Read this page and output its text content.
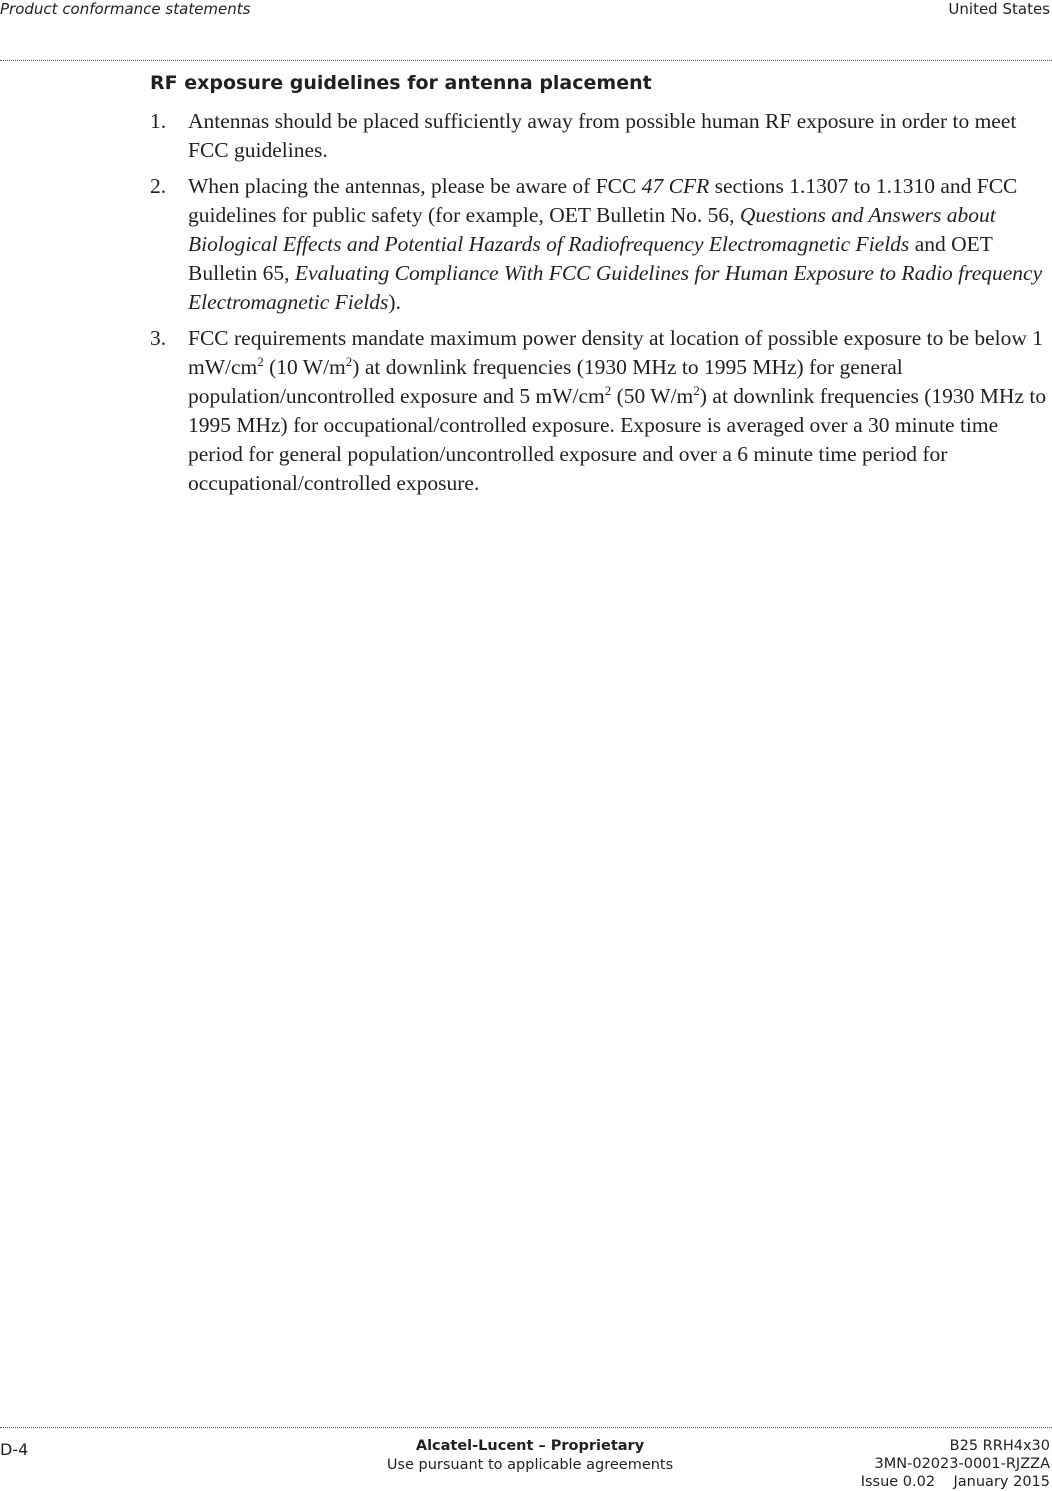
Product conformance statements	United States
RF exposure guidelines for antenna placement
1. Antennas should be placed sufficiently away from possible human RF exposure in order to meet FCC guidelines.
2. When placing the antennas, please be aware of FCC 47 CFR sections 1.1307 to 1.1310 and FCC guidelines for public safety (for example, OET Bulletin No. 56, Questions and Answers about Biological Effects and Potential Hazards of Radiofrequency Electromagnetic Fields and OET Bulletin 65, Evaluating Compliance With FCC Guidelines for Human Exposure to Radio frequency Electromagnetic Fields).
3. FCC requirements mandate maximum power density at location of possible exposure to be below 1 $mW/cm^2$ (10 $W/m^2$) at downlink frequencies (1930 MHz to 1995 MHz) for general population/uncontrolled exposure and 5 $mW/cm^2$ (50 $W/m^2$) at downlink frequencies (1930 MHz to 1995 MHz) for occupational/controlled exposure. Exposure is averaged over a 30 minute time period for general population/uncontrolled exposure and over a 6 minute time period for occupational/controlled exposure.
D-4	Alcatel-Lucent – Proprietary
Use pursuant to applicable agreements
B25 RRH4x30
3MN-02023-0001-RJZZA
Issue 0.02    January 2015
